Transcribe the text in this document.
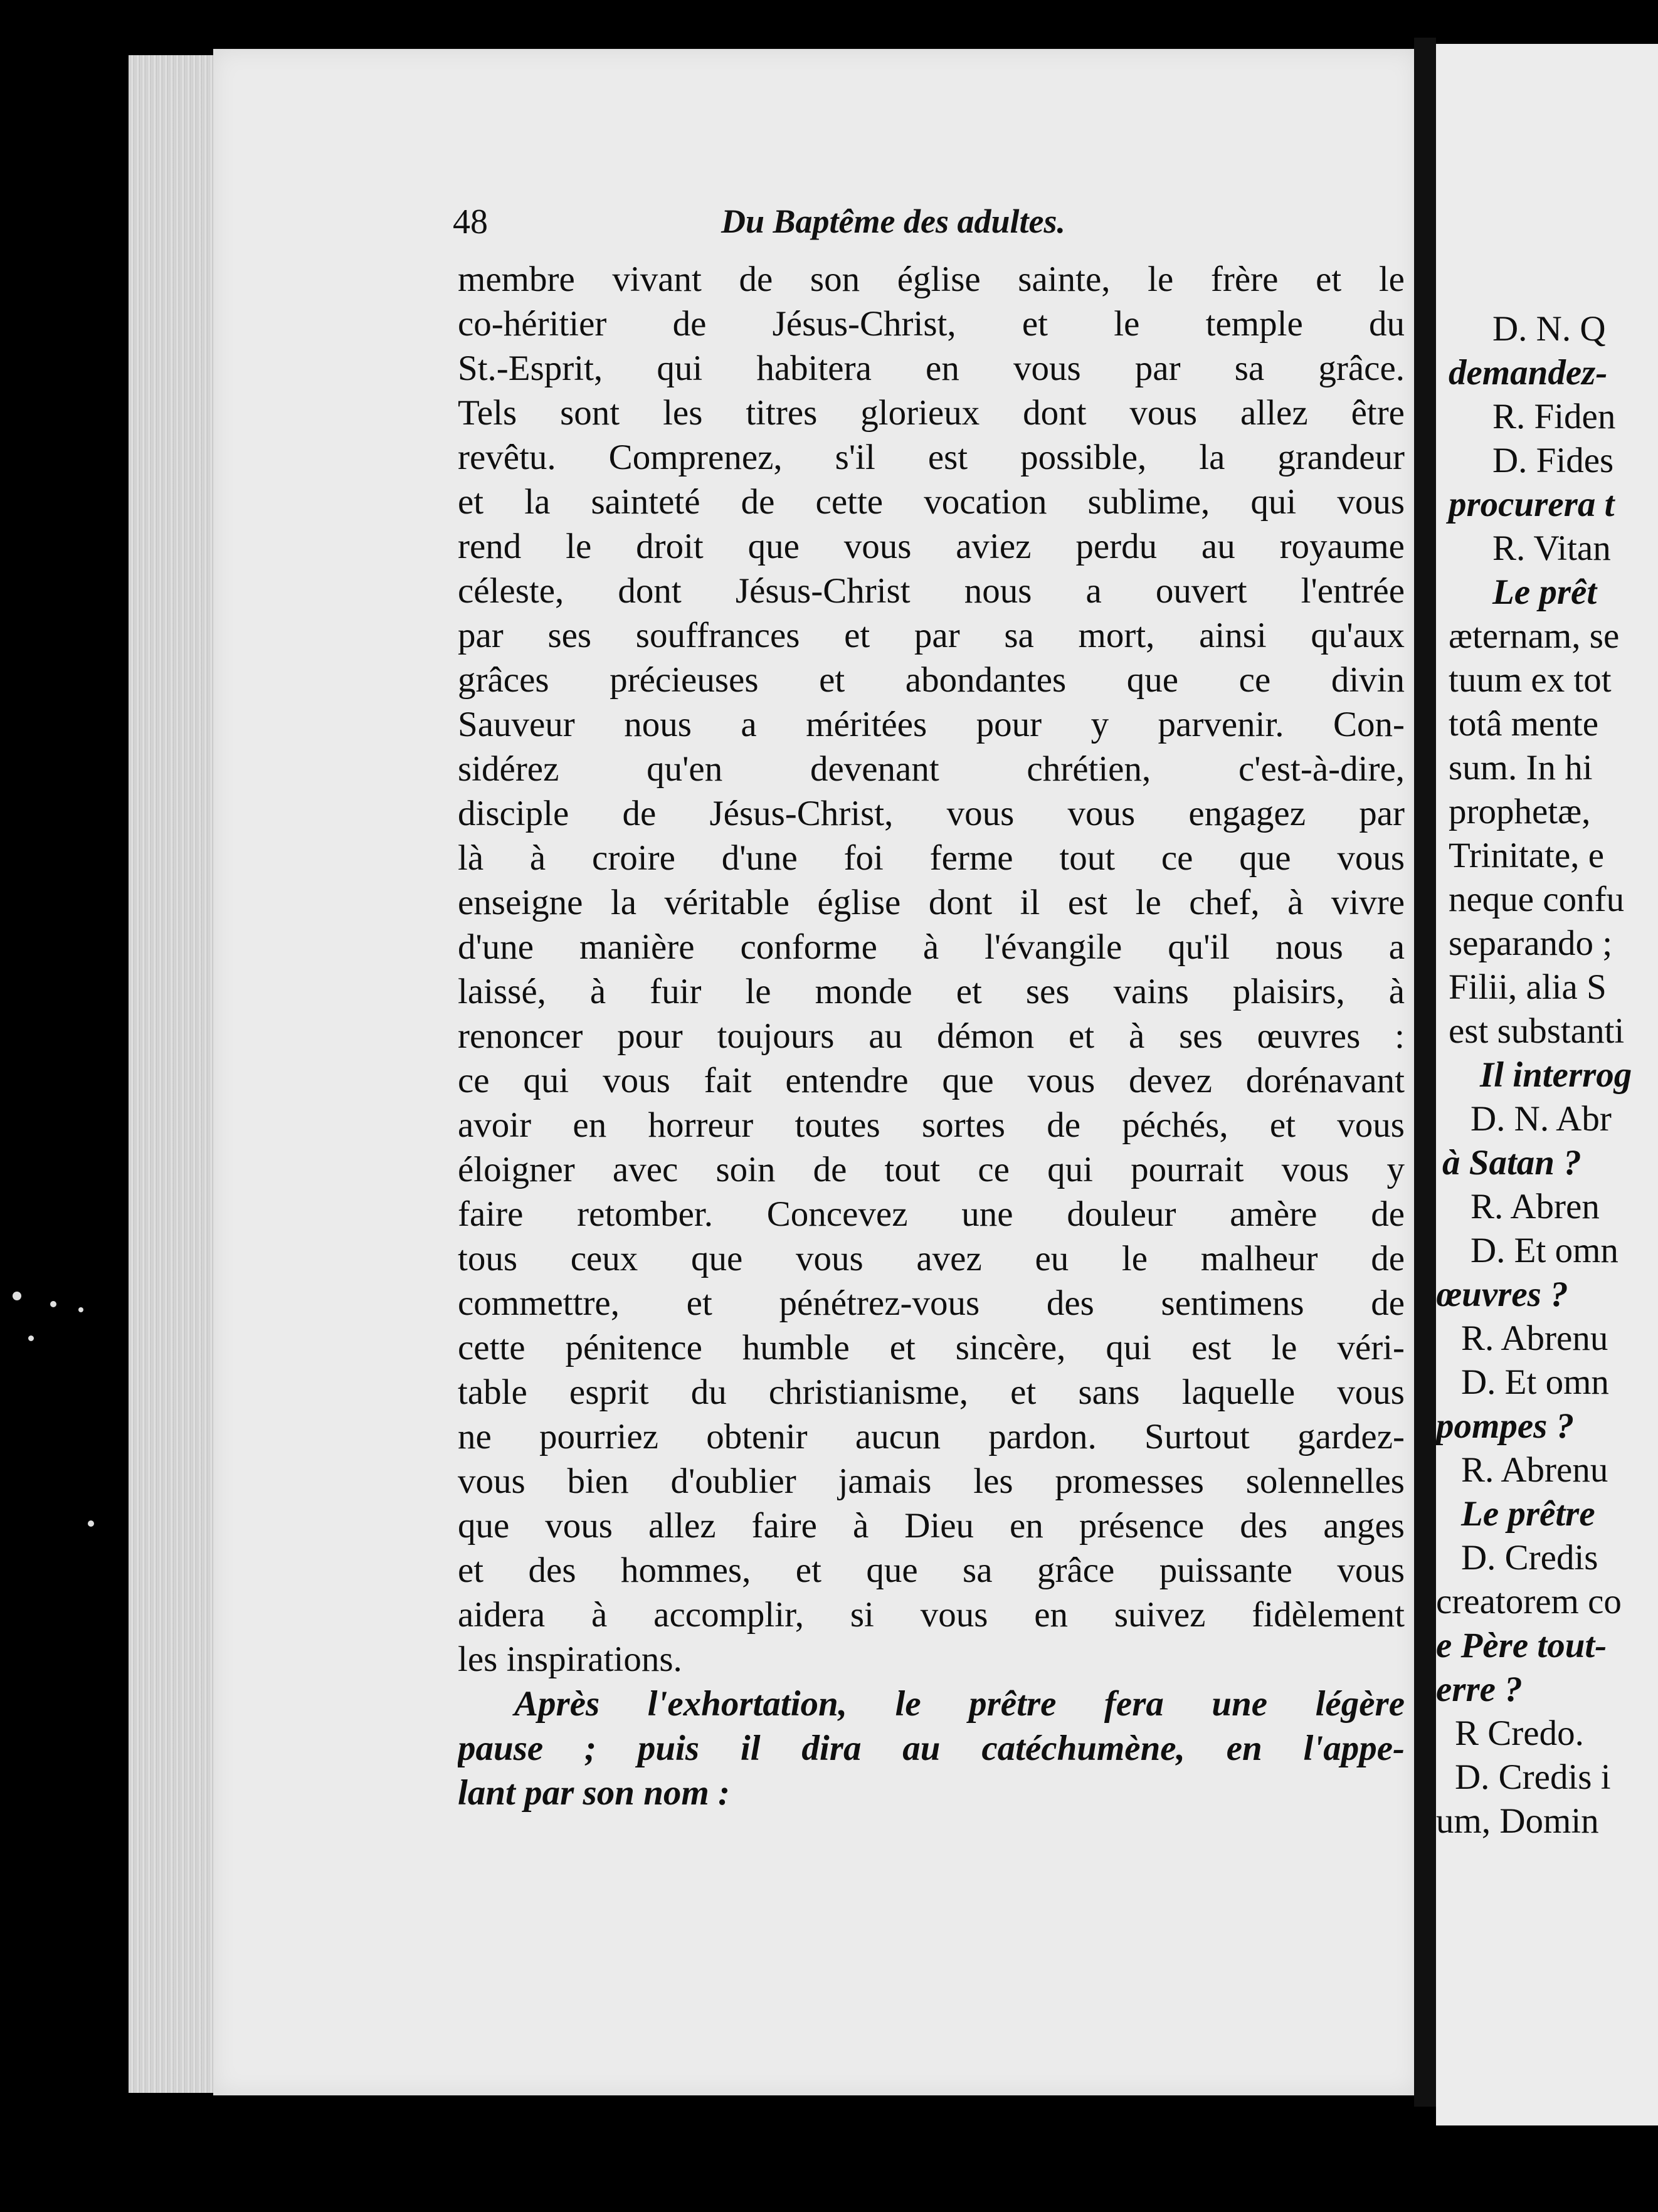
48	Du Baptême des adultes.
membre vivant de son église sainte, le frère et le
co-héritier de Jésus-Christ, et le temple du
St.-Esprit, qui habitera en vous par sa grâce.
Tels sont les titres glorieux dont vous allez être
revêtu. Comprenez, s'il est possible, la grandeur
et la sainteté de cette vocation sublime, qui vous
rend le droit que vous aviez perdu au royaume
céleste, dont Jésus-Christ nous a ouvert l'entrée
par ses souffrances et par sa mort, ainsi qu'aux
grâces précieuses et abondantes que ce divin
Sauveur nous a méritées pour y parvenir. Con-
sidérez qu'en devenant chrétien, c'est-à-dire,
disciple de Jésus-Christ, vous vous engagez par
là à croire d'une foi ferme tout ce que vous
enseigne la véritable église dont il est le chef, à vivre
d'une manière conforme à l'évangile qu'il nous a
laissé, à fuir le monde et ses vains plaisirs, à
renoncer pour toujours au démon et à ses œuvres :
ce qui vous fait entendre que vous devez dorénavant
avoir en horreur toutes sortes de péchés, et vous
éloigner avec soin de tout ce qui pourrait vous y
faire retomber. Concevez une douleur amère de
tous ceux que vous avez eu le malheur de
commettre, et pénétrez-vous des sentimens de
cette pénitence humble et sincère, qui est le véri-
table esprit du christianisme, et sans laquelle vous
ne pourriez obtenir aucun pardon. Surtout gardez-
vous bien d'oublier jamais les promesses solennelles
que vous allez faire à Dieu en présence des anges
et des hommes, et que sa grâce puissante vous
aidera à accomplir, si vous en suivez fidèlement
les inspirations.
Après l'exhortation, le prêtre fera une légère
pause ; puis il dira au catéchumène, en l'appe-
lant par son nom :
D. N. Q
demandez-
R. Fiden
D. Fides
procurera t
R. Vitan
Le prêt
æternam, se
tuum ex tot
totâ mente
sum. In hi
prophetæ,
Trinitate, e
neque confu
separando ;
Filii, alia S
est substanti
Il interrog
D. N. Abr
à Satan ?
R. Abren
D. Et omn
œuvres ?
R. Abrenu
D. Et omn
pompes ?
R. Abrenu
Le prêtre
D. Credis
creatorem co
e Père tout-
erre ?
R Credo.
D. Credis i
um, Domin
